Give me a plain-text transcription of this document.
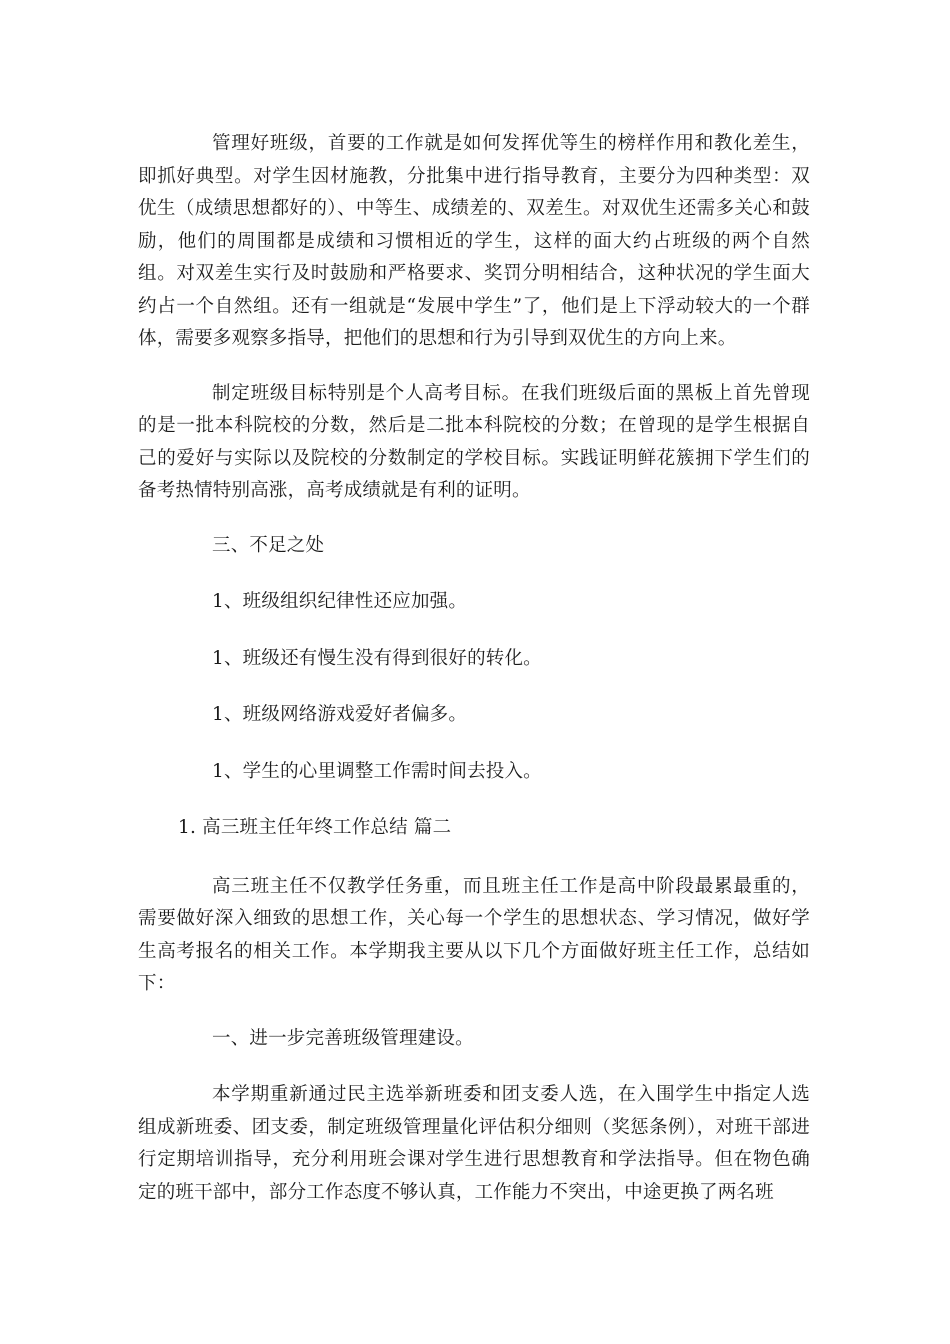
管理好班级，首要的工作就是如何发挥优等生的榜样作用和教化差生，即抓好典型。对学生因材施教，分批集中进行指导教育，主要分为四种类型：双优生（成绩思想都好的）、中等生、成绩差的、双差生。对双优生还需多关心和鼓励，他们的周围都是成绩和习惯相近的学生，这样的面大约占班级的两个自然组。对双差生实行及时鼓励和严格要求、奖罚分明相结合，这种状况的学生面大约占一个自然组。还有一组就是“发展中学生”了，他们是上下浮动较大的一个群体，需要多观察多指导，把他们的思想和行为引导到双优生的方向上来。

制定班级目标特别是个人高考目标。在我们班级后面的黑板上首先曾现的是一批本科院校的分数，然后是二批本科院校的分数；在曾现的是学生根据自己的爱好与实际以及院校的分数制定的学校目标。实践证明鲜花簇拥下学生们的备考热情特别高涨，高考成绩就是有利的证明。

三、不足之处

1、班级组织纪律性还应加强。

1、班级还有慢生没有得到很好的转化。

1、班级网络游戏爱好者偏多。

1、学生的心里调整工作需时间去投入。

1. 高三班主任年终工作总结 篇二

高三班主任不仅教学任务重，而且班主任工作是高中阶段最累最重的，需要做好深入细致的思想工作，关心每一个学生的思想状态、学习情况，做好学生高考报名的相关工作。本学期我主要从以下几个方面做好班主任工作，总结如下：

一、进一步完善班级管理建设。

本学期重新通过民主选举新班委和团支委人选，在入围学生中指定人选组成新班委、团支委，制定班级管理量化评估积分细则（奖惩条例），对班干部进行定期培训指导，充分利用班会课对学生进行思想教育和学法指导。但在物色确定的班干部中，部分工作态度不够认真，工作能力不突出，中途更换了两名班
